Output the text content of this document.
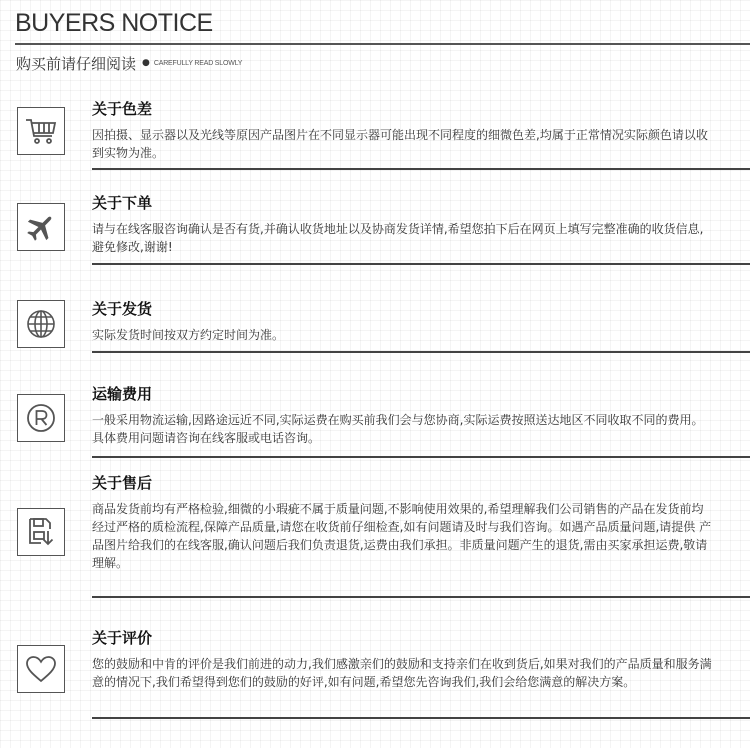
BUYERS NOTICE
购买前请仔细阅读 ● CAREFULLY READ SLOWLY
关于色差
因拍摄、显示器以及光线等原因产品图片在不同显示器可能出现不同程度的细微色差,均属于正常情况实际颜色请以收到实物为准。
关于下单
请与在线客服咨询确认是否有货,并确认收货地址以及协商发货详情,希望您拍下后在网页上填写完整准确的收货信息,避免修改,谢谢!
关于发货
实际发货时间按双方约定时间为准。
运输费用
一般采用物流运输,因路途远近不同,实际运费在购买前我们会与您协商,实际运费按照送达地区不同收取不同的费用。具体费用问题请咨询在线客服或电话咨询。
关于售后
商品发货前均有严格检验,细微的小瑕疵不属于质量问题,不影响使用效果的,希望理解我们公司销售的产品在发货前均经过严格的质检流程,保障产品质量,请您在收货前仔细检查,如有问题请及时与我们咨询。如遇产品质量问题,请提供 产品图片给我们的在线客服,确认问题后我们负责退货,运费由我们承担。非质量问题产生的退货,需由买家承担运费,敬请理解。
关于评价
您的鼓励和中肯的评价是我们前进的动力,我们感激亲们的鼓励和支持亲们在收到货后,如果对我们的产品质量和服务满意的情况下,我们希望得到您们的鼓励的好评,如有问题,希望您先咨询我们,我们会给您满意的解决方案。
